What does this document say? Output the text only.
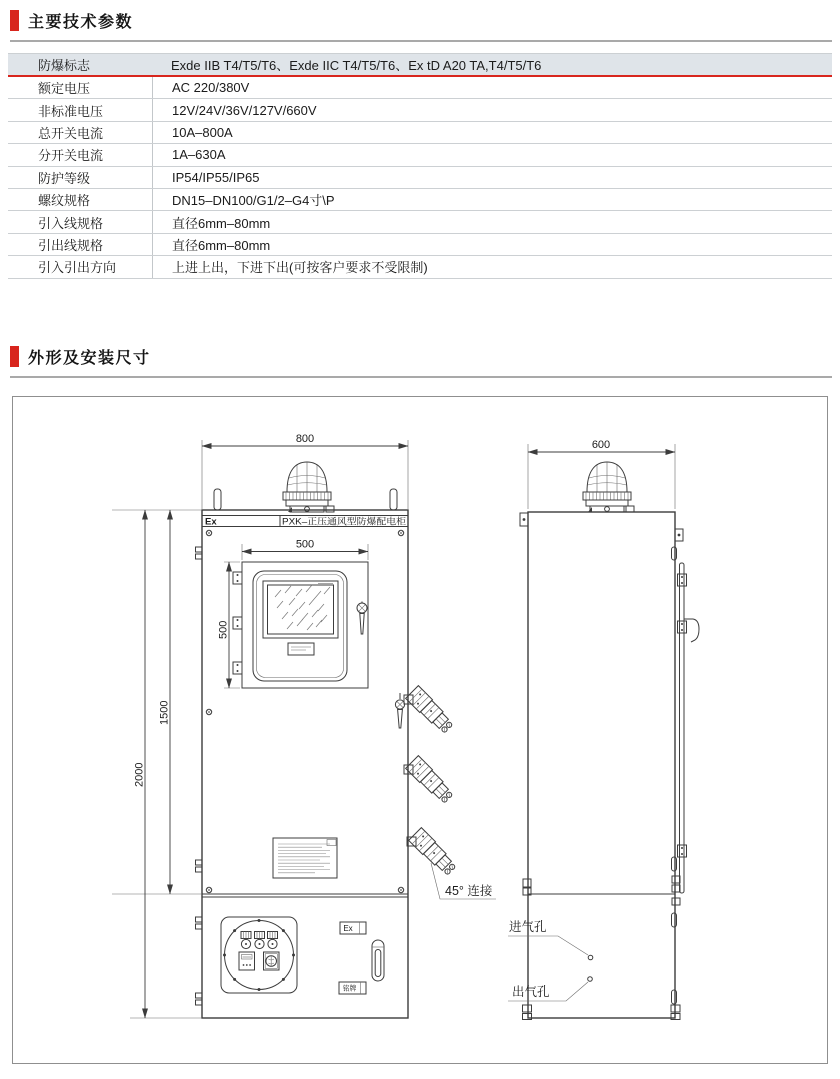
主要技术参数
防爆标志	Exde IIB T4/T5/T6、Exde IIC T4/T5/T6、Ex tD A20 TA,T4/T5/T6
额定电压	AC 220/380V
非标准电压	12V/24V/36V/127V/660V
总开关电流	10A–800A
分开关电流	1A–630A
防护等级	IP54/IP55/IP65
螺纹规格	DN15–DN100/G1/2–G4寸\P
引入线规格	直径6mm–80mm
引出线规格	直径6mm–80mm
引入引出方向	上进上出，下进下出(可按客户要求不受限制)
外形及安装尺寸
800
Ex	PXK–正压通风型防爆配电柜
500
500
Ex
铭牌
45° 连接
1500
2000
600
进气孔
出气孔
